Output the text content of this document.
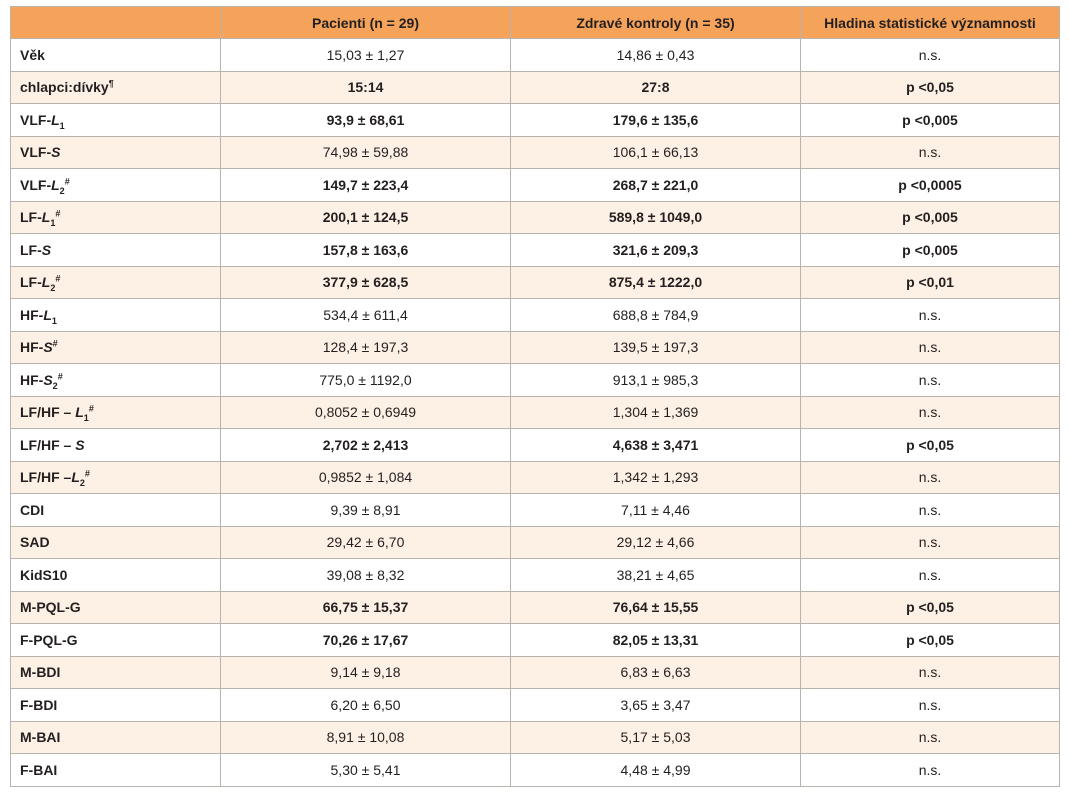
	Pacienti (n = 29)	Zdravé kontroly (n = 35)	Hladina statistické významnosti
Věk	15,03 ± 1,27	14,86 ± 0,43	n.s.
chlapci:dívky¶	15:14	27:8	p <0,05
VLF-$L_1$	93,9 ± 68,61	179,6 ± 135,6	p <0,005
VLF-S	74,98 ± 59,88	106,1 ± 66,13	n.s.
VLF-$L_2^{\#}$	149,7 ± 223,4	268,7 ± 221,0	p <0,0005
$LF-L_1^{\#}$	200,1 ± 124,5	589,8 ± 1049,0	p <0,005
LF-S	157,8 ± 163,6	321,6 ± 209,3	p <0,005
$LF-L_2^{\#}$	377,9 ± 628,5	875,4 ± 1222,0	p <0,01
$HF-L_1$	534,4 ± 611,4	688,8 ± 784,9	n.s.
HF-S#	128,4 ± 197,3	139,5 ± 197,3	n.s.
$HF-S_2^{\#}$	775,0 ± 1192,0	913,1 ± 985,3	n.s.
$LF/HF - L_1^{\#}$	0,8052 ± 0,6949	1,304 ± 1,369	n.s.
LF/HF – S	2,702 ± 2,413	4,638 ± 3,471	p <0,05
LF/HF $-L_2^{\#}$	0,9852 ± 1,084	1,342 ± 1,293	n.s.
CDI	9,39 ± 8,91	7,11 ± 4,46	n.s.
SAD	29,42 ± 6,70	29,12 ± 4,66	n.s.
KidS10	39,08 ± 8,32	38,21 ± 4,65	n.s.
M-PQL-G	66,75 ± 15,37	76,64 ± 15,55	p <0,05
F-PQL-G	70,26 ± 17,67	82,05 ± 13,31	p <0,05
M-BDI	9,14 ± 9,18	6,83 ± 6,63	n.s.
F-BDI	6,20 ± 6,50	3,65 ± 3,47	n.s.
M-BAI	8,91 ± 10,08	5,17 ± 5,03	n.s.
F-BAI	5,30 ± 5,41	4,48 ± 4,99	n.s.
